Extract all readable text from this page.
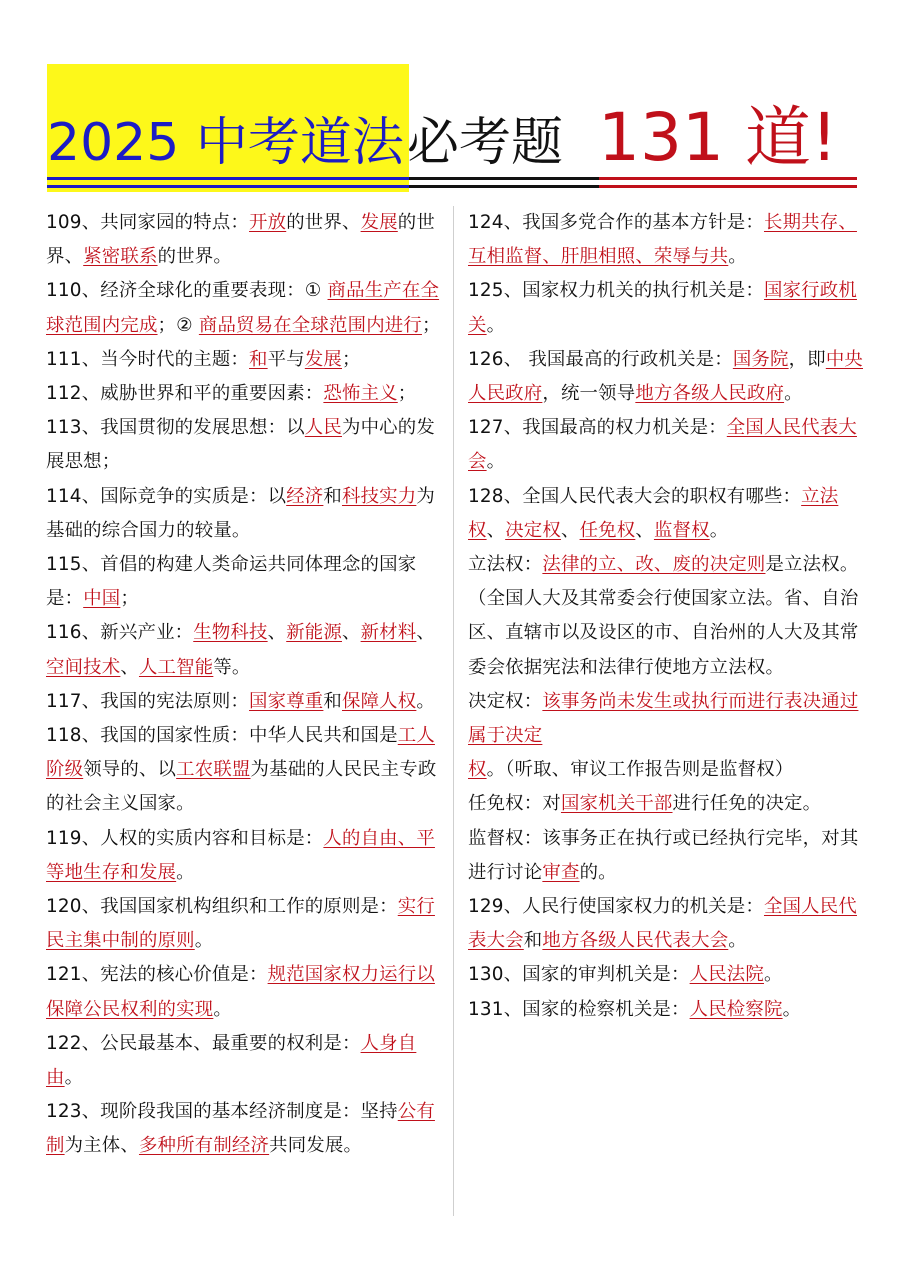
2025 中考道法 必考题 131 道!

109、共同家园的特点：开放的世界、发展的世界、紧密联系的世界。

110、经济全球化的重要表现：① 商品生产在全球范围内完成；② 商品贸易在全球范围内进行；

111、当今时代的主题：和平与发展；

112、威胁世界和平的重要因素：恐怖主义；

113、我国贯彻的发展思想：以人民为中心的发展思想；

114、国际竞争的实质是：以经济和科技实力为基础的综合国力的较量。

115、首倡的构建人类命运共同体理念的国家是：中国；

116、新兴产业：生物科技、新能源、新材料、空间技术、人工智能等。

117、我国的宪法原则：国家尊重和保障人权。

118、我国的国家性质：中华人民共和国是工人阶级领导的、以工农联盟为基础的人民民主专政的社会主义国家。

119、人权的实质内容和目标是：人的自由、平等地生存和发展。

120、我国国家机构组织和工作的原则是：实行民主集中制的原则。

121、宪法的核心价值是：规范国家权力运行以保障公民权利的实现。

122、公民最基本、最重要的权利是：人身自由。

123、现阶段我国的基本经济制度是：坚持公有制为主体、多种所有制经济共同发展。

124、我国多党合作的基本方针是：长期共存、互相监督、肝胆相照、荣辱与共。

125、国家权力机关的执行机关是：国家行政机关。

126、 我国最高的行政机关是：国务院，即中央人民政府，统一领导地方各级人民政府。

127、我国最高的权力机关是：全国人民代表大会。

128、全国人民代表大会的职权有哪些：立法权、决定权、任免权、监督权。

立法权：法律的立、改、废的决定则是立法权。（全国人大及其常委会行使国家立法。省、自治区、直辖市以及设区的市、自治州的人大及其常委会依据宪法和法律行使地方立法权。

决定权：该事务尚未发生或执行而进行表决通过属于决定权。（听取、审议工作报告则是监督权）

任免权：对国家机关干部进行任免的决定。

监督权：该事务正在执行或已经执行完毕，对其进行讨论审查的。

129、人民行使国家权力的机关是：全国人民代表大会和地方各级人民代表大会。

130、国家的审判机关是：人民法院。

131、国家的检察机关是：人民检察院。
